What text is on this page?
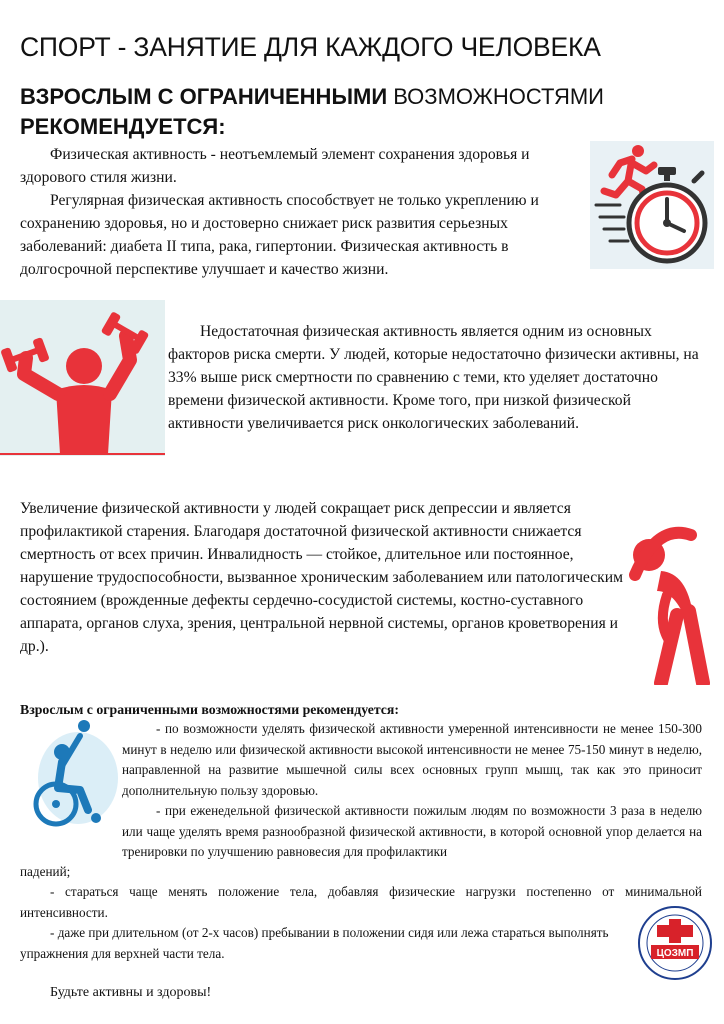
СПОРТ - ЗАНЯТИЕ ДЛЯ КАЖДОГО ЧЕЛОВЕКА
ВЗРОСЛЫМ С ОГРАНИЧЕННЫМИ ВОЗМОЖНОСТЯМИ
РЕКОМЕНДУЕТСЯ:

Физическая активность - неотъемлемый элемент сохранения здоровья и здорового стиля жизни.

Регулярная физическая активность способствует не только укреплению и сохранению здоровья, но и достоверно снижает риск развития серьезных заболеваний: диабета II типа, рака, гипертонии. Физическая активность в долгосрочной перспективе улучшает и качество жизни.

Недостаточная физическая активность является одним из основных факторов риска смерти. У людей, которые недостаточно физически активны, на 33% выше риск смертности по сравнению с теми, кто уделяет достаточно времени физической активности. Кроме того, при низкой физической активности увеличивается риск онкологических заболеваний.

Увеличение физической активности у людей сокращает риск депрессии и является профилактикой старения. Благодаря достаточной физической активности снижается смертность от всех причин. Инвалидность — стойкое, длительное или постоянное, нарушение трудоспособности, вызванное хроническим заболеванием или патологическим состоянием (врожденные дефекты сердечно-сосудистой системы, костно-суставного аппарата, органов слуха, зрения, центральной нервной системы, органов кроветворения и др.).

Взрослым с ограниченными возможностями рекомендуется:

- по возможности уделять физической активности умеренной интенсивности не менее 150-300 минут в неделю или физической активности высокой интенсивности не менее 75-150 минут в неделю, направленной на развитие мышечной силы всех основных групп мышц, так как это приносит дополнительную пользу здоровью.

- при еженедельной физической активности пожилым людям по возможности 3 раза в неделю или чаще уделять время разнообразной физической активности, в которой основной упор делается на тренировки по улучшению равновесия для профилактики

падений;

- стараться чаще менять положение тела, добавляя физические нагрузки постепенно от минимальной интенсивности.

- даже при длительном (от 2-х часов) пребывании в положении сидя или лежа стараться выполнять упражнения для верхней части тела.

Будьте активны и здоровы!
ЦОЗМП
